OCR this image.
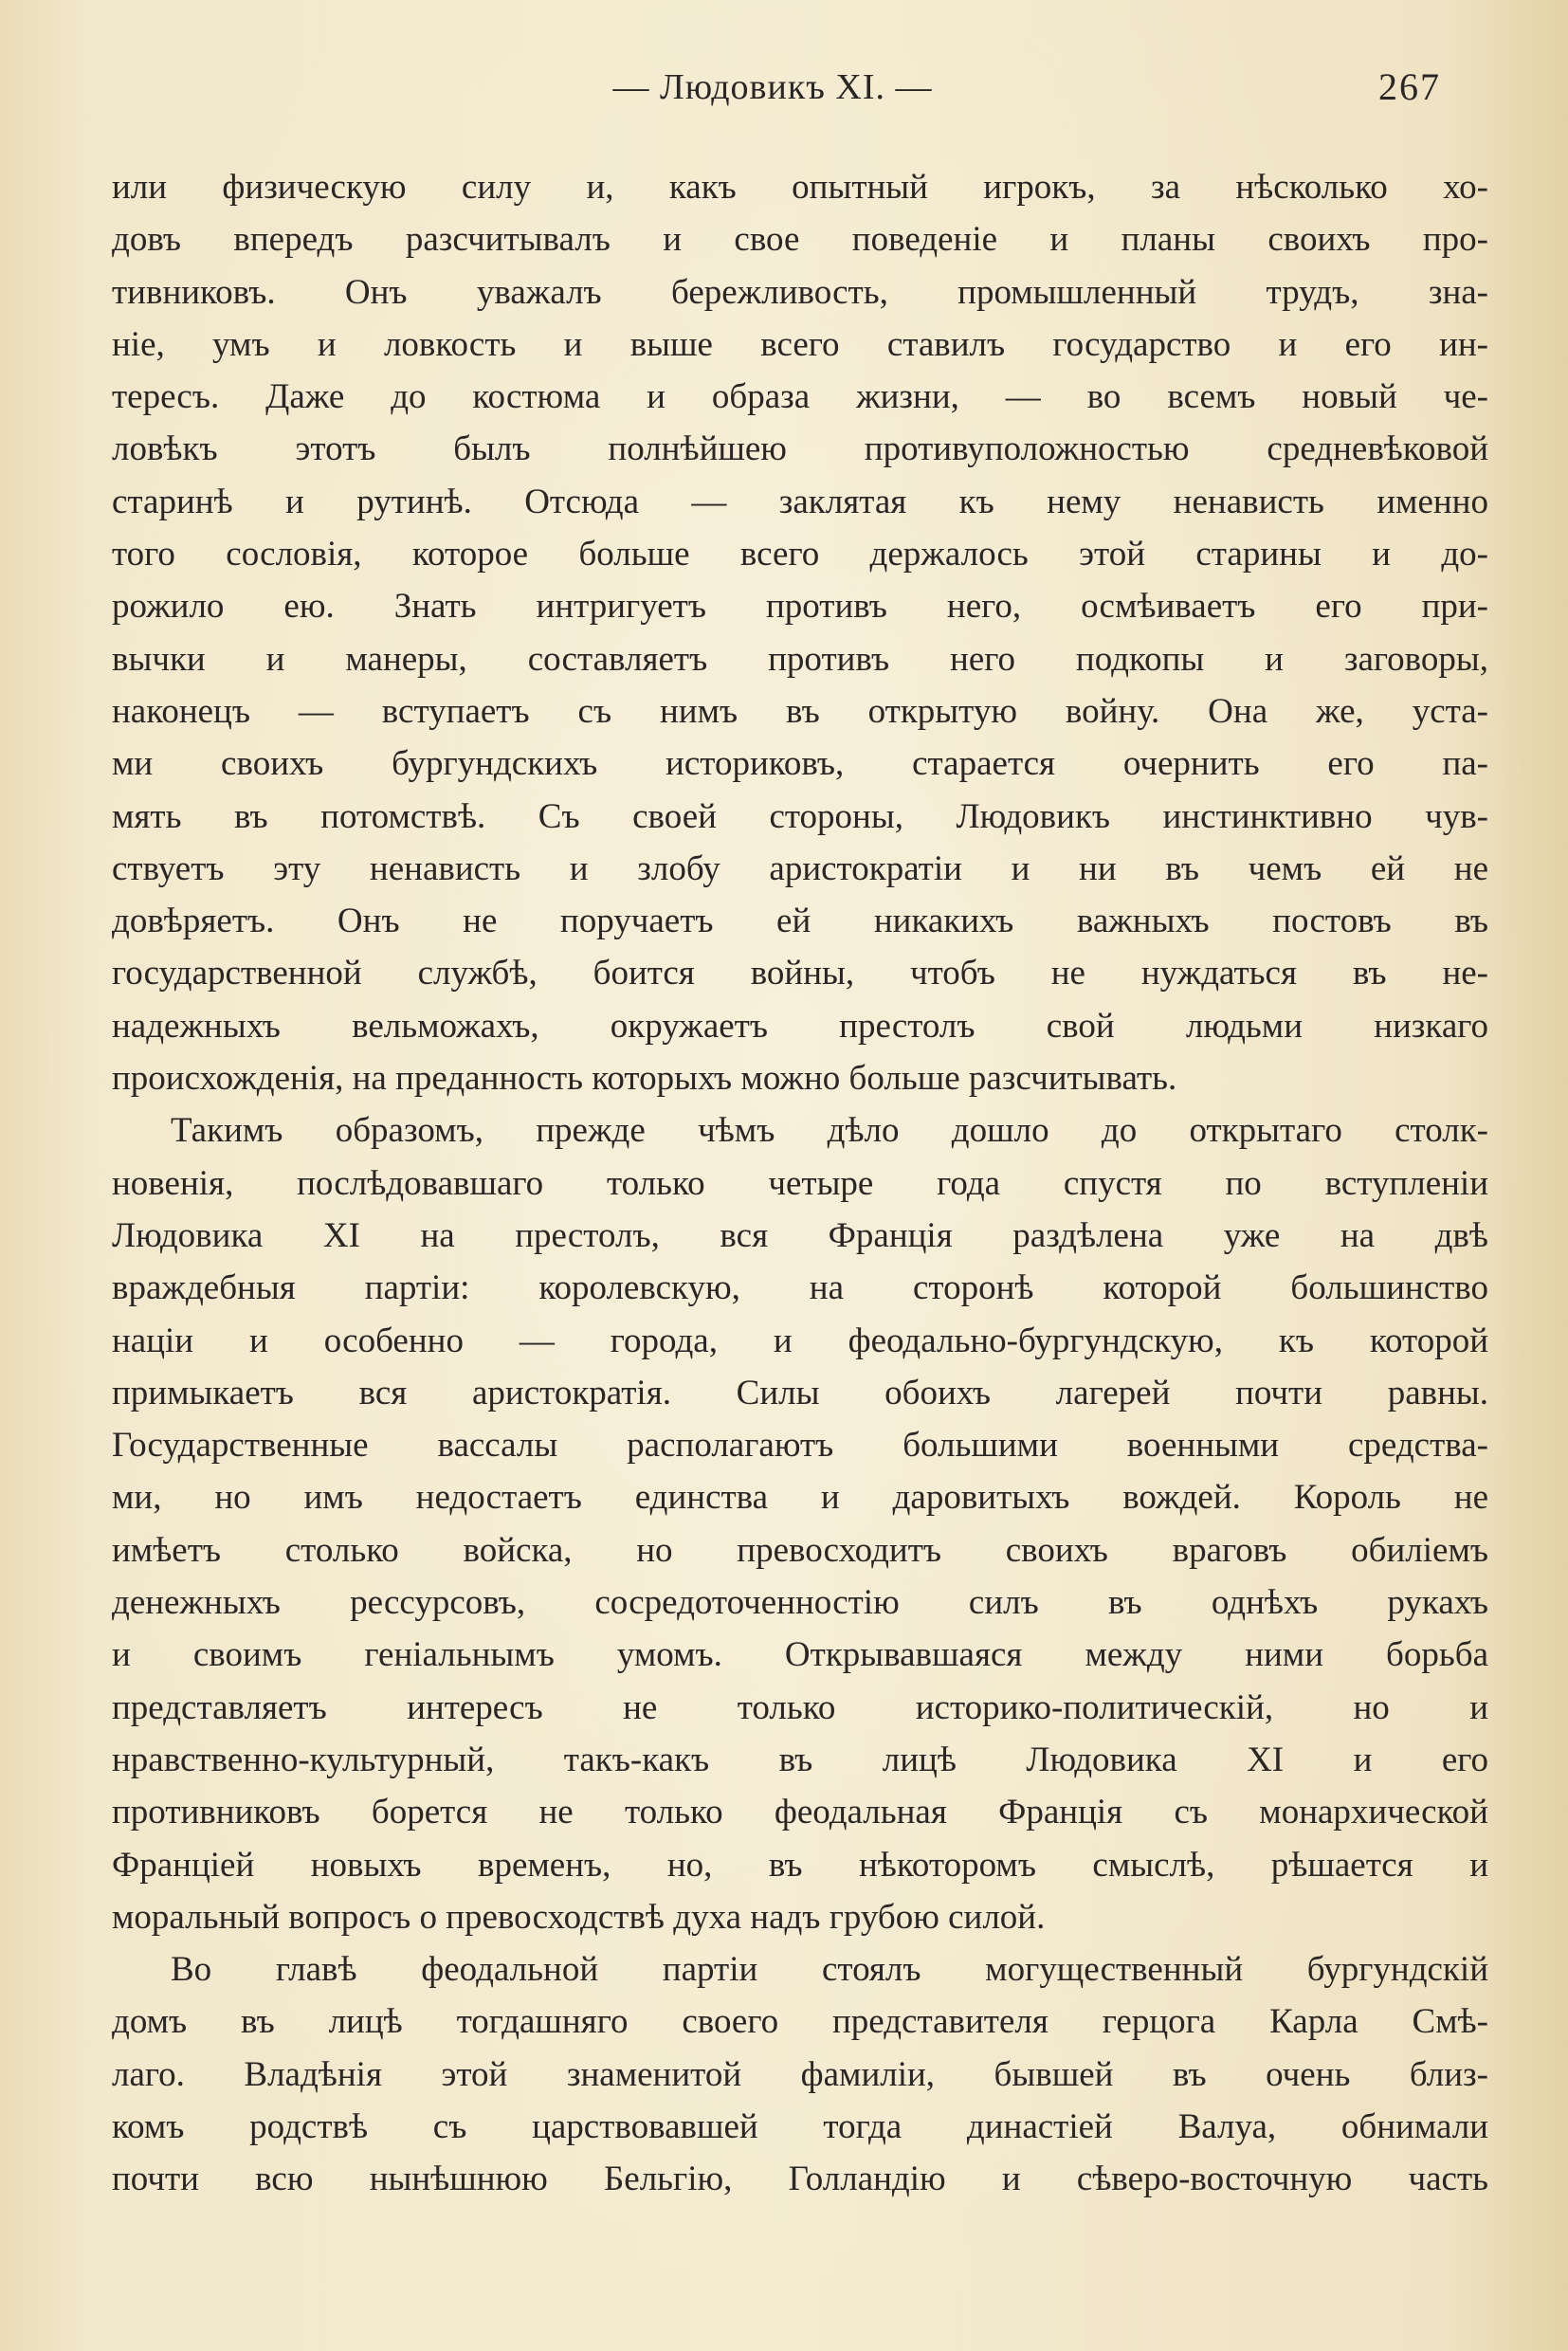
— Людовикъ XI. —	267
или физическую силу и, какъ опытный игрокъ, за нѣсколько хо-
довъ впередъ разсчитывалъ и свое поведеніе и планы своихъ про-
тивниковъ. Онъ уважалъ бережливость, промышленный трудъ, зна-
ніе, умъ и ловкость и выше всего ставилъ государство и его ин-
тересъ. Даже до костюма и образа жизни, — во всемъ новый че-
ловѣкъ этотъ былъ полнѣйшею противуположностью средневѣковой
старинѣ и рутинѣ. Отсюда — заклятая къ нему ненависть именно
того сословія, которое больше всего держалось этой старины и до-
рожило ею. Знать интригуетъ противъ него, осмѣиваетъ его при-
вычки и манеры, составляетъ противъ него подкопы и заговоры,
наконецъ — вступаетъ съ нимъ въ открытую войну. Она же, уста-
ми своихъ бургундскихъ историковъ, старается очернить его па-
мять въ потомствѣ. Съ своей стороны, Людовикъ инстинктивно чув-
ствуетъ эту ненависть и злобу аристократіи и ни въ чемъ ей не
довѣряетъ. Онъ не поручаетъ ей никакихъ важныхъ постовъ въ
государственной службѣ, боится войны, чтобъ не нуждаться въ не-
надежныхъ вельможахъ, окружаетъ престолъ свой людьми низкаго
происхожденія, на преданность которыхъ можно больше разсчитывать.
Такимъ образомъ, прежде чѣмъ дѣло дошло до открытаго столк-
новенія, послѣдовавшаго только четыре года спустя по вступленіи
Людовика XI на престолъ, вся Франція раздѣлена уже на двѣ
враждебныя партіи: королевскую, на сторонѣ которой большинство
націи и особенно — города, и феодально-бургундскую, къ которой
примыкаетъ вся аристократія. Силы обоихъ лагерей почти равны.
Государственные вассалы располагаютъ большими военными средства-
ми, но имъ недостаетъ единства и даровитыхъ вождей. Король не
имѣетъ столько войска, но превосходитъ своихъ враговъ обиліемъ
денежныхъ рессурсовъ, сосредоточенностію силъ въ однѣхъ рукахъ
и своимъ геніальнымъ умомъ. Открывавшаяся между ними борьба
представляетъ интересъ не только историко-политическій, но и
нравственно-культурный, такъ-какъ въ лицѣ Людовика XI и его
противниковъ борется не только феодальная Франція съ монархической
Франціей новыхъ временъ, но, въ нѣкоторомъ смыслѣ, рѣшается и
моральный вопросъ о превосходствѣ духа надъ грубою силой.
Во главѣ феодальной партіи стоялъ могущественный бургундскій
домъ въ лицѣ тогдашняго своего представителя герцога Карла Смѣ-
лаго. Владѣнія этой знаменитой фамиліи, бывшей въ очень близ-
комъ родствѣ съ царствовавшей тогда династіей Валуа, обнимали
почти всю нынѣшнюю Бельгію, Голландію и сѣверо-восточную часть
